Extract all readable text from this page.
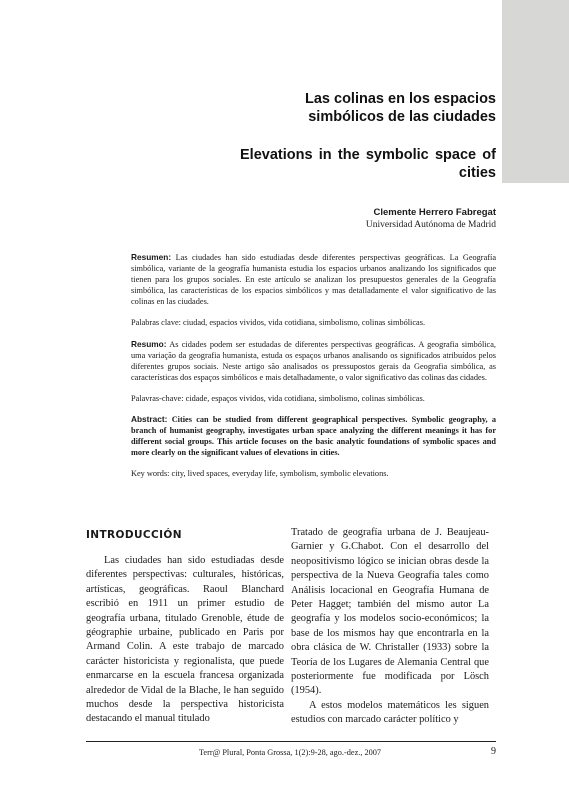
Las colinas en los espacios simbólicos de las ciudades
Elevations in the symbolic space of cities
Clemente Herrero Fabregat
Universidad Autónoma de Madrid

Resumen: Las ciudades han sido estudiadas desde diferentes perspectivas geográficas. La Geografía simbólica, variante de la geografía humanista estudia los espacios urbanos analizando los significados que tienen para los grupos sociales. En este artículo se analizan los presupuestos generales de la Geografía simbólica, las características de los espacios simbólicos y mas detalladamente el valor significativo de las colinas en las ciudades.

Palabras clave: ciudad, espacios vividos, vida cotidiana, simbolismo, colinas simbólicas.

Resumo: As cidades podem ser estudadas de diferentes perspectivas geográficas. A geografia simbólica, uma variação da geografia humanista, estuda os espaços urbanos analisando os significados atribuídos pelos diferentes grupos sociais. Neste artigo são analisados os pressupostos gerais da Geografia simbólica, as características dos espaços simbólicos e mais detalhadamente, o valor significativo das colinas das cidades.

Palavras-chave: cidade, espaços vividos, vida cotidiana, simbolismo, colinas simbólicas.

Abstract: Cities can be studied from different geographical perspectives. Symbolic geography, a branch of humanist geography, investigates urban space analyzing the different meanings it has for different social groups. This article focuses on the basic analytic foundations of symbolic spaces and more clearly on the significant values of elevations in cities.

Key words: city, lived spaces, everyday life, symbolism, symbolic elevations.

INTRODUCCIÓN

Las ciudades han sido estudiadas desde diferentes perspectivas: culturales, históricas, artísticas, geográficas. Raoul Blanchard escribió en 1911 un primer estudio de geografía urbana, titulado Grenoble, étude de géographie urbaine, publicado en Paris por Armand Colin. A este trabajo de marcado carácter historicista y regionalista, que puede enmarcarse en la escuela francesa organizada alrededor de Vidal de la Blache, le han seguido muchos desde la perspectiva historicista destacando el manual titulado

Tratado de geografía urbana de J. Beaujeau-Garnier y G.Chabot. Con el desarrollo del neopositivismo lógico se inician obras desde la perspectiva de la Nueva Geografía tales como Análisis locacional en Geografía Humana de Peter Hagget; también del mismo autor La geografía y los modelos socio-económicos; la base de los mismos hay que encontrarla en la obra clásica de W. Christaller (1933) sobre la Teoría de los Lugares de Alemania Central que posteriormente fue modificada por Lösch (1954).

A estos modelos matemáticos les siguen estudios con marcado carácter político y

Terr@ Plural, Ponta Grossa, 1(2):9-28, ago.-dez., 2007	9
